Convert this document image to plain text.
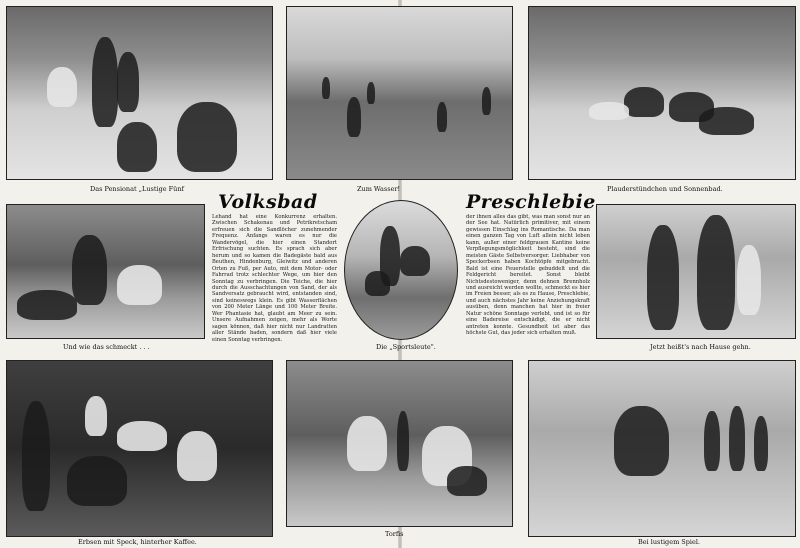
Das Pensionat „Lustige Fünf	Zum Wasser!	Plauderstündchen und Sonnenbad.
Volksbad	Preschlebie
Und wie das schmeckt . . .
Lehand hat eine Konkurrenz erhalten. Zwischen Schakenau und Petrikretscham erfreuen sich die Sandlöcher zunehmender Frequenz. Anfangs waren es nur die Wandervögel, die hier einen Standort Erfrischung suchten. Es sprach sich aber herum und so kamen die Badegäste bald aus Beuthen, Hindenburg, Gleiwitz und anderen Orten zu Fuß, per Auto, mit dem Motor- oder Fahrrad trotz schlechter Wege, um hier den Sonntag zu verbringen. Die Teiche, die hier durch die Ausschachtungen von Sand, der als Sandversatz gebraucht wird, entstanden sind, sind keineswegs klein. Es gibt Wasserflächen von 200 Meter Länge und 100 Meter Breite. Wer Phantasie hat, glaubt am Meer zu sein. Unsere Aufnahmen zeigen, mehr als Worte sagen können, daß hier nicht nur Landratten aller Stände baden, sondern daß hier viele einen Sonntag verbringen.
Die „Sportsleute".
der ihnen alles das gibt, was man sonst nur an der See hat. Natürlich primitiver, mit einem gewissen Einschlag ins Romantische. Da man einen ganzen Tag von Luft allein nicht leben kann, außer einer feldgrauen Kantine keine Verpflegungsmöglichkeit besteht, sind die meisten Gäste Selbstversorger. Liebhaber von Speckerbsen haben Kochtöpfe mitgebracht. Bald ist eine Feuerstelle gebuddelt und die Feldgericht bereitet. Sonst bleibt Nichtsdestoweniger, denn dehnen Brennholz und ausreicht werden wollte, schmeckt es hier im Freien besser, als es zu Hause, Preschlebie, und auch nächstes Jahr keine Anziehungskraft ausüben, denn manchen hat hier in freier Natur schöne Sonntage verlebt, und ist so für eine Badereise entschädigt, die er nicht antreten konnte. Gesundheit ist aber das höchste Gut, das jeder sich erhalten muß.
Jetzt heißt's nach Hause gehn.
Erbsen mit Speck, hinterher Kaffee.
Torfis
Bei lustigem Spiel.
